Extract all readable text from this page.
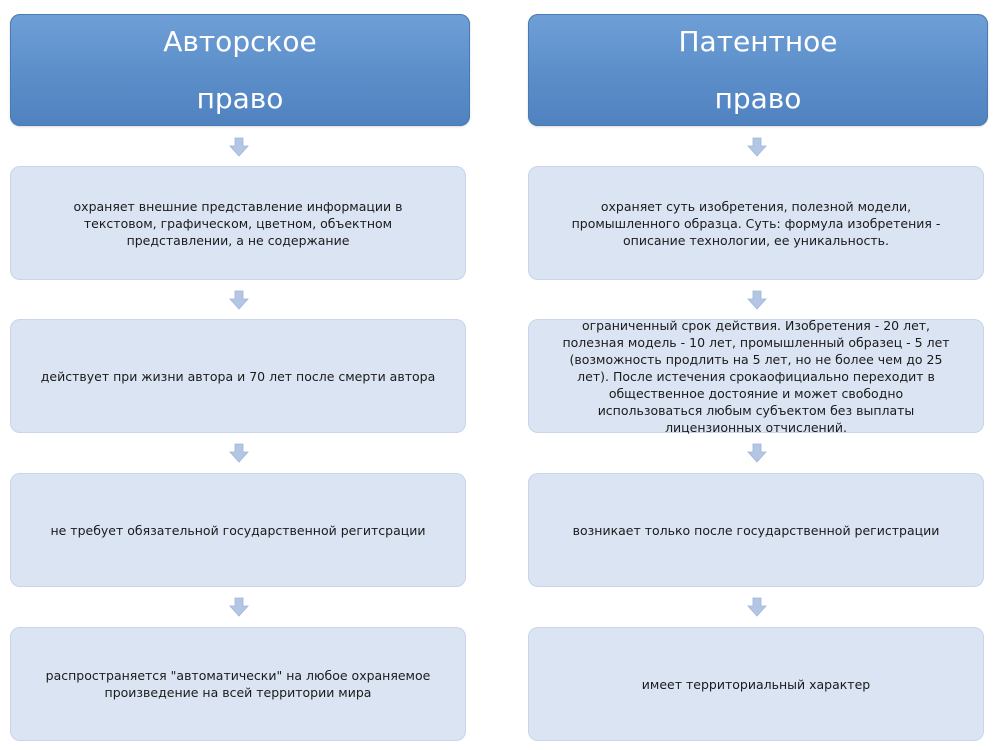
Авторское право
охраняет внешние представление информации в текстовом, графическом, цветном, объектном представлении, а не содержание
действует при жизни автора и 70 лет после смерти автора
не требует обязательной государственной регитсрации
распространяется "автоматически" на любое охраняемое произведение на всей территории мира
Патентное право
охраняет суть изобретения, полезной модели, промышленного образца. Суть: формула изобретения - описание технологии, ее уникальность.
ограниченный срок действия. Изобретения - 20 лет, полезная модель - 10 лет, промышленный образец - 5 лет (возможность продлить на 5 лет, но не более чем до 25 лет). После истечения срокаофициально переходит в общественное достояние и может свободно использоваться любым субъектом без выплаты лицензионных отчислений.
возникает только после государственной регистрации
имеет территориальный характер
